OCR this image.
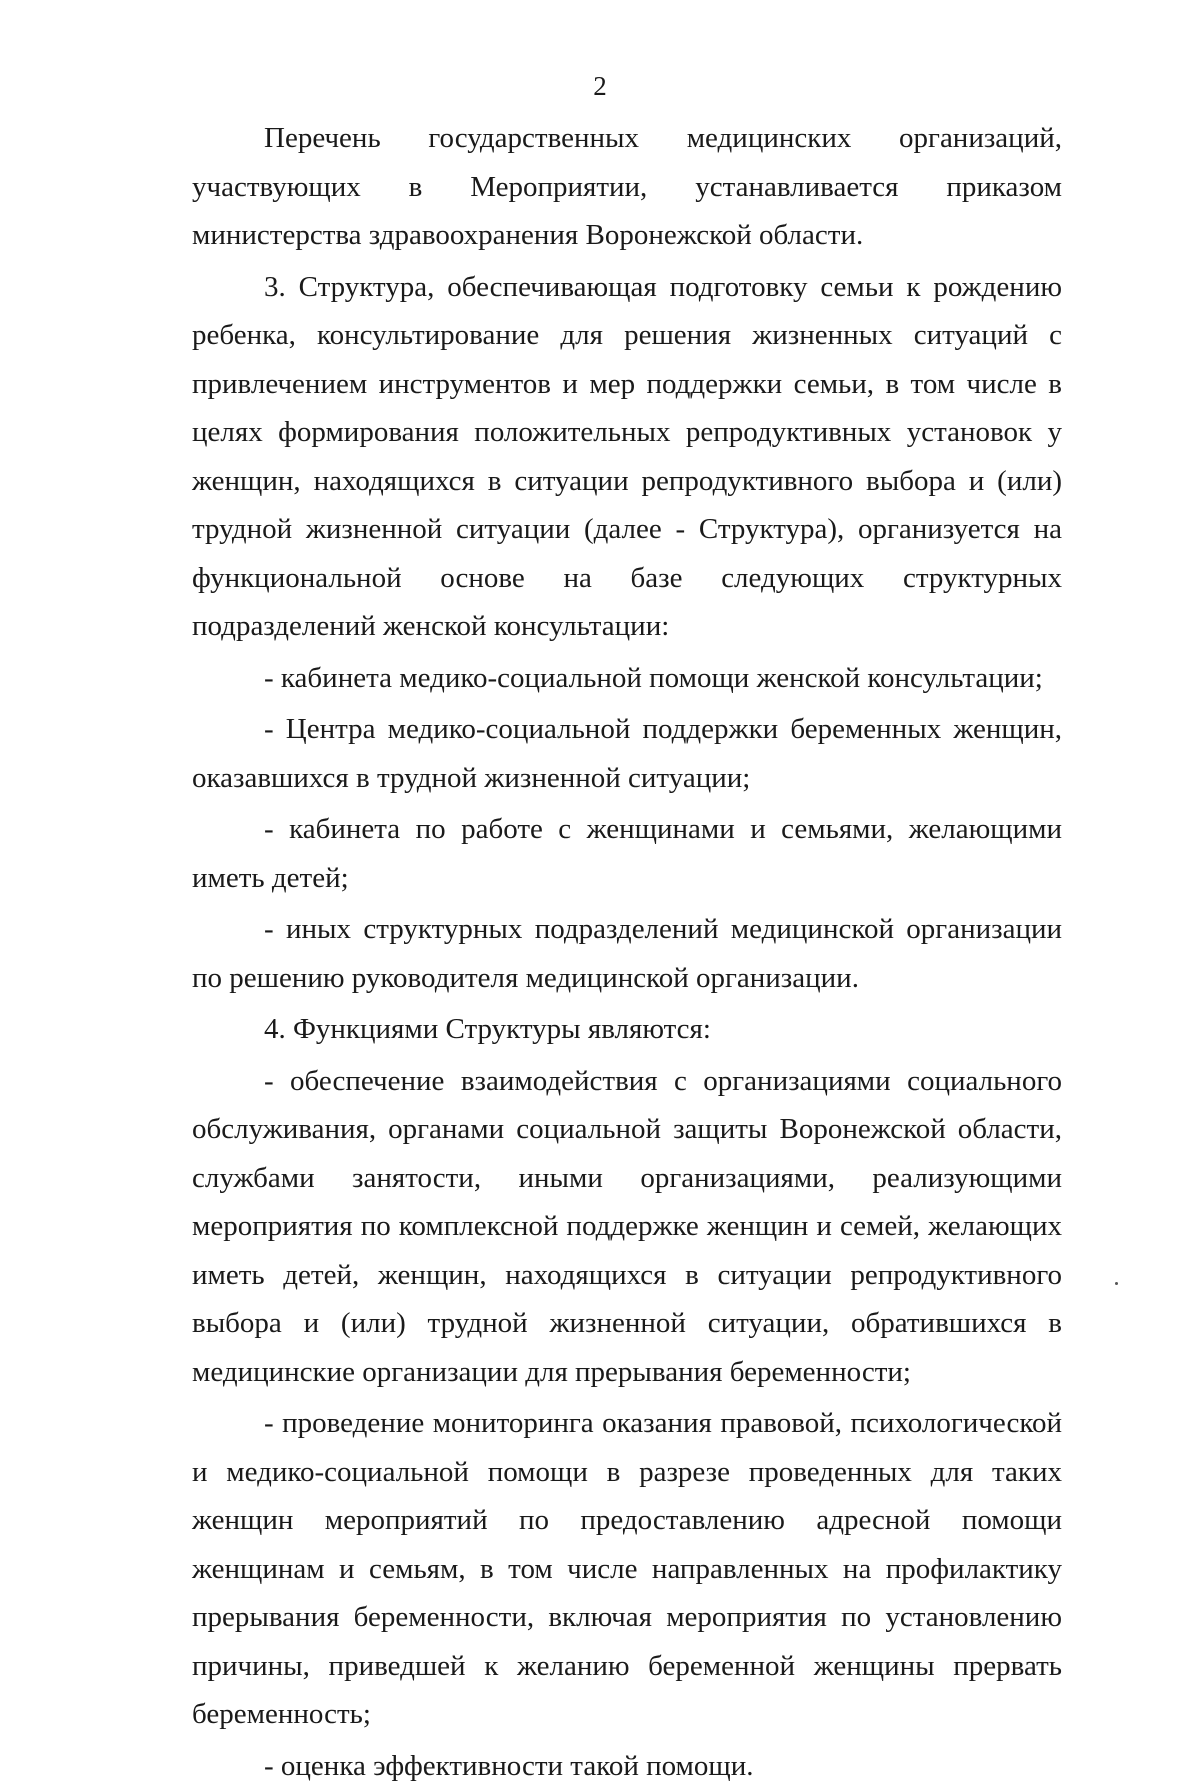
2

Перечень государственных медицинских организаций, участвующих в Мероприятии, устанавливается приказом министерства здравоохранения Воронежской области.

3. Структура, обеспечивающая подготовку семьи к рождению ребенка, консультирование для решения жизненных ситуаций с привлечением инструментов и мер поддержки семьи, в том числе в целях формирования положительных репродуктивных установок у женщин, находящихся в ситуации репродуктивного выбора и (или) трудной жизненной ситуации (далее - Структура), организуется на функциональной основе на базе следующих структурных подразделений женской консультации:

- кабинета медико-социальной помощи женской консультации;

- Центра медико-социальной поддержки беременных женщин, оказавшихся в трудной жизненной ситуации;

- кабинета по работе с женщинами и семьями, желающими иметь детей;

- иных структурных подразделений медицинской организации по решению руководителя медицинской организации.

4. Функциями Структуры являются:

- обеспечение взаимодействия с организациями социального обслуживания, органами социальной защиты Воронежской области, службами занятости, иными организациями, реализующими мероприятия по комплексной поддержке женщин и семей, желающих иметь детей, женщин, находящихся в ситуации репродуктивного выбора и (или) трудной жизненной ситуации, обратившихся в медицинские организации для прерывания беременности;

- проведение мониторинга оказания правовой, психологической и медико-социальной помощи в разрезе проведенных для таких женщин мероприятий по предоставлению адресной помощи женщинам и семьям, в том числе направленных на профилактику прерывания беременности, включая мероприятия по установлению причины, приведшей к желанию беременной женщины прервать беременность;

- оценка эффективности такой помощи.
